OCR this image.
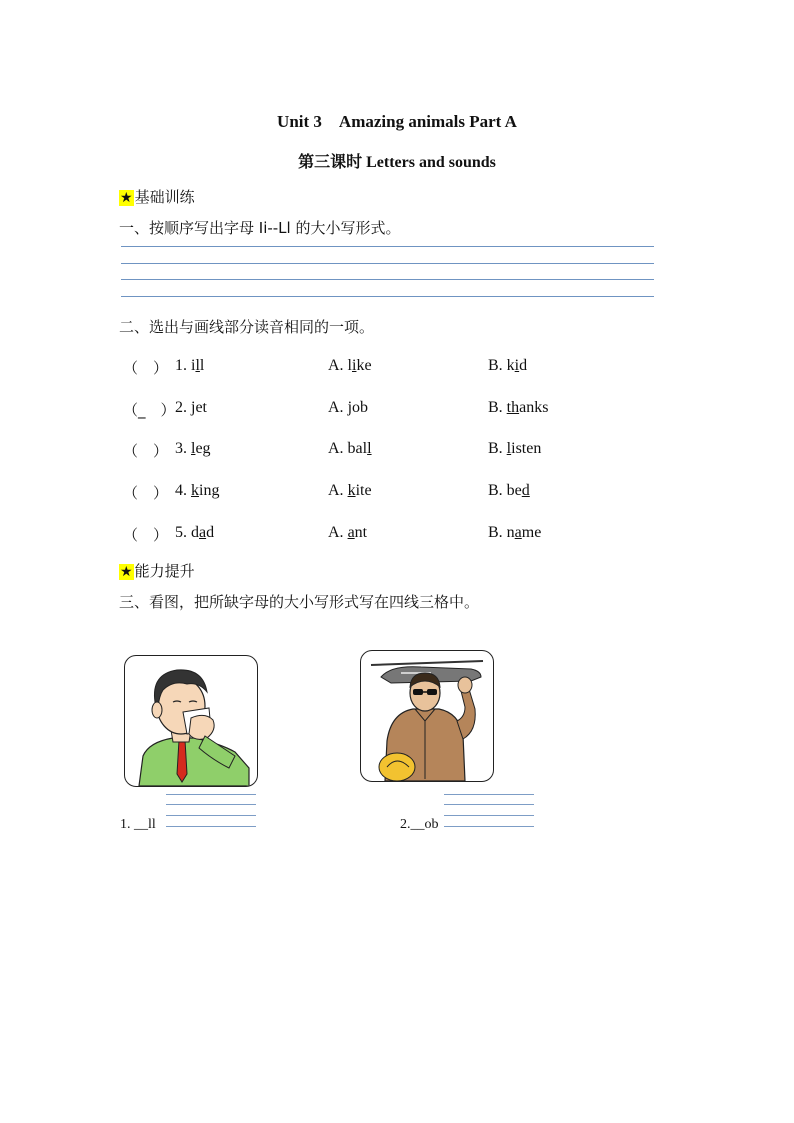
Unit 3　Amazing animals Part A
第三课时 Letters and sounds
★ 基础训练
一、按顺序写出字母 Ii--Ll 的大小写形式。
二、选出与画线部分读音相同的一项。
（　） 1. ill	A. like	B. kid
（_　） 2. jet	A. job	B. thanks
（　） 3. leg	A. ball	B. listen
（　） 4. king	A. kite	B. bed
（　） 5. dad	A. ant	B. name
★ 能力提升
三、看图，把所缺字母的大小写形式写在四线三格中。
1. __ll	2.__ob
